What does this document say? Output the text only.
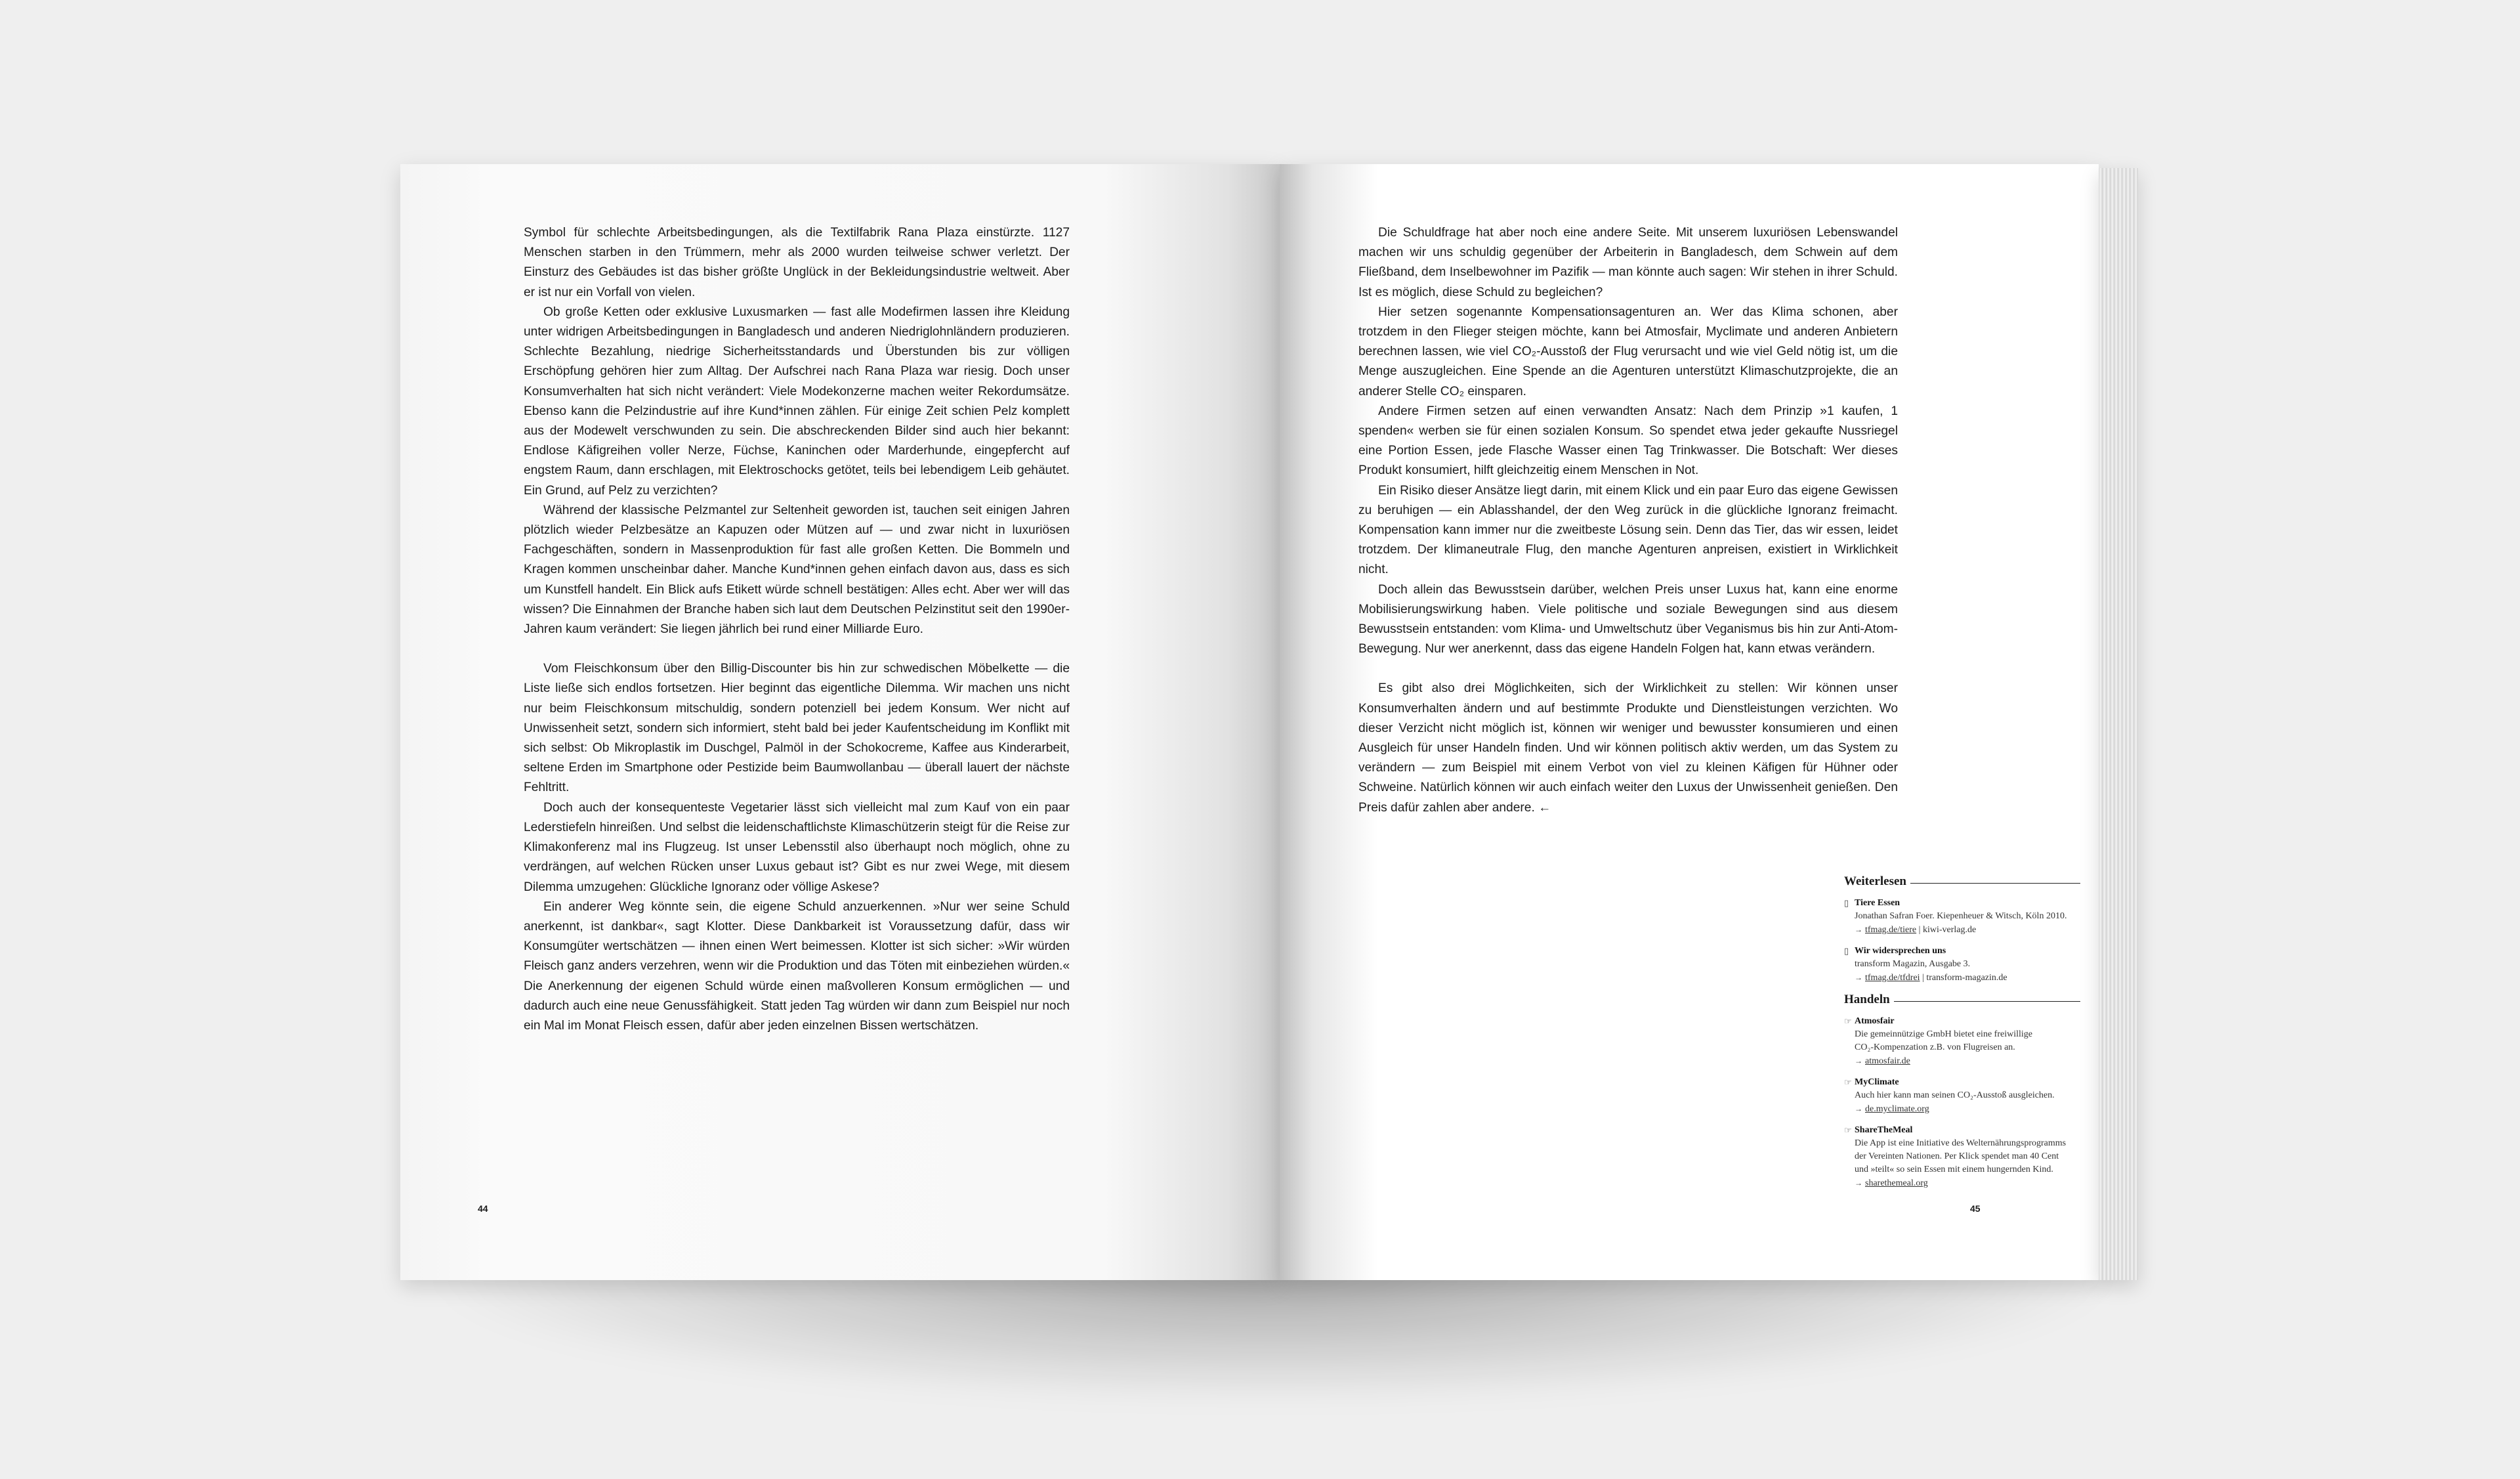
Symbol für schlechte Arbeitsbedingungen, als die Textilfabrik Rana Plaza einstürzte. 1127 Menschen starben in den Trümmern, mehr als 2000 wurden teilweise schwer verletzt. Der Einsturz des Gebäudes ist das bisher größte Unglück in der Bekleidungsindustrie weltweit. Aber er ist nur ein Vorfall von vielen.

Ob große Ketten oder exklusive Luxusmarken — fast alle Modefirmen lassen ihre Kleidung unter widrigen Arbeitsbedingungen in Bangladesch und anderen Niedriglohnländern produzieren. Schlechte Bezahlung, niedrige Sicherheitsstandards und Überstunden bis zur völligen Erschöpfung gehören hier zum Alltag. Der Aufschrei nach Rana Plaza war riesig. Doch unser Konsumverhalten hat sich nicht verändert: Viele Modekonzerne machen weiter Rekordumsätze. Ebenso kann die Pelzindustrie auf ihre Kund*innen zählen. Für einige Zeit schien Pelz komplett aus der Modewelt verschwunden zu sein. Die abschreckenden Bilder sind auch hier bekannt: Endlose Käfigreihen voller Nerze, Füchse, Kaninchen oder Marderhunde, eingepfercht auf engstem Raum, dann erschlagen, mit Elektroschocks getötet, teils bei lebendigem Leib gehäutet. Ein Grund, auf Pelz zu verzichten?

Während der klassische Pelzmantel zur Seltenheit geworden ist, tauchen seit einigen Jahren plötzlich wieder Pelzbesätze an Kapuzen oder Mützen auf — und zwar nicht in luxuriösen Fachgeschäften, sondern in Massenproduktion für fast alle großen Ketten. Die Bommeln und Kragen kommen unscheinbar daher. Manche Kund*innen gehen einfach davon aus, dass es sich um Kunstfell handelt. Ein Blick aufs Etikett würde schnell bestätigen: Alles echt. Aber wer will das wissen? Die Einnahmen der Branche haben sich laut dem Deutschen Pelzinstitut seit den 1990er-Jahren kaum verändert: Sie liegen jährlich bei rund einer Milliarde Euro.

Vom Fleischkonsum über den Billig-Discounter bis hin zur schwedischen Möbelkette — die Liste ließe sich endlos fortsetzen. Hier beginnt das eigentliche Dilemma. Wir machen uns nicht nur beim Fleischkonsum mitschuldig, sondern potenziell bei jedem Konsum. Wer nicht auf Unwissenheit setzt, sondern sich informiert, steht bald bei jeder Kaufentscheidung im Konflikt mit sich selbst: Ob Mikroplastik im Duschgel, Palmöl in der Schokocreme, Kaffee aus Kinderarbeit, seltene Erden im Smartphone oder Pestizide beim Baumwollanbau — überall lauert der nächste Fehltritt.

Doch auch der konsequenteste Vegetarier lässt sich vielleicht mal zum Kauf von ein paar Lederstiefeln hinreißen. Und selbst die leidenschaftlichste Klimaschützerin steigt für die Reise zur Klimakonferenz mal ins Flugzeug. Ist unser Lebensstil also überhaupt noch möglich, ohne zu verdrängen, auf welchen Rücken unser Luxus gebaut ist? Gibt es nur zwei Wege, mit diesem Dilemma umzugehen: Glückliche Ignoranz oder völlige Askese?

Ein anderer Weg könnte sein, die eigene Schuld anzuerkennen. »Nur wer seine Schuld anerkennt, ist dankbar«, sagt Klotter. Diese Dankbarkeit ist Voraussetzung dafür, dass wir Konsumgüter wertschätzen — ihnen einen Wert beimessen. Klotter ist sich sicher: »Wir würden Fleisch ganz anders verzehren, wenn wir die Produktion und das Töten mit einbeziehen würden.« Die Anerkennung der eigenen Schuld würde einen maßvolleren Konsum ermöglichen — und dadurch auch eine neue Genussfähigkeit. Statt jeden Tag würden wir dann zum Beispiel nur noch ein Mal im Monat Fleisch essen, dafür aber jeden einzelnen Bissen wertschätzen.

44

Die Schuldfrage hat aber noch eine andere Seite. Mit unserem luxuriösen Lebenswandel machen wir uns schuldig gegenüber der Arbeiterin in Bangladesch, dem Schwein auf dem Fließband, dem Inselbewohner im Pazifik — man könnte auch sagen: Wir stehen in ihrer Schuld. Ist es möglich, diese Schuld zu begleichen?

Hier setzen sogenannte Kompensationsagenturen an. Wer das Klima schonen, aber trotzdem in den Flieger steigen möchte, kann bei Atmosfair, Myclimate und anderen Anbietern berechnen lassen, wie viel CO₂-Ausstoß der Flug verursacht und wie viel Geld nötig ist, um die Menge auszugleichen. Eine Spende an die Agenturen unterstützt Klimaschutzprojekte, die an anderer Stelle CO₂ einsparen.

Andere Firmen setzen auf einen verwandten Ansatz: Nach dem Prinzip »1 kaufen, 1 spenden« werben sie für einen sozialen Konsum. So spendet etwa jeder gekaufte Nussriegel eine Portion Essen, jede Flasche Wasser einen Tag Trinkwasser. Die Botschaft: Wer dieses Produkt konsumiert, hilft gleichzeitig einem Menschen in Not.

Ein Risiko dieser Ansätze liegt darin, mit einem Klick und ein paar Euro das eigene Gewissen zu beruhigen — ein Ablasshandel, der den Weg zurück in die glückliche Ignoranz freimacht. Kompensation kann immer nur die zweitbeste Lösung sein. Denn das Tier, das wir essen, leidet trotzdem. Der klimaneutrale Flug, den manche Agenturen anpreisen, existiert in Wirklichkeit nicht.

Doch allein das Bewusstsein darüber, welchen Preis unser Luxus hat, kann eine enorme Mobilisierungswirkung haben. Viele politische und soziale Bewegungen sind aus diesem Bewusstsein entstanden: vom Klima- und Umweltschutz über Veganismus bis hin zur Anti-Atom-Bewegung. Nur wer anerkennt, dass das eigene Handeln Folgen hat, kann etwas verändern.

Es gibt also drei Möglichkeiten, sich der Wirklichkeit zu stellen: Wir können unser Konsumverhalten ändern und auf bestimmte Produkte und Dienstleistungen verzichten. Wo dieser Verzicht nicht möglich ist, können wir weniger und bewusster konsumieren und einen Ausgleich für unser Handeln finden. Und wir können politisch aktiv werden, um das System zu verändern — zum Beispiel mit einem Verbot von viel zu kleinen Käfigen für Hühner oder Schweine. Natürlich können wir auch einfach weiter den Luxus der Unwissenheit genießen. Den Preis dafür zahlen aber andere. ←

Weiterlesen
▯ Tiere Essen
Jonathan Safran Foer. Kiepenheuer & Witsch, Köln 2010.
→ tfmag.de/tiere | kiwi-verlag.de
▯ Wir widersprechen uns
transform Magazin, Ausgabe 3.
→ tfmag.de/tfdrei | transform-magazin.de
Handeln
☞ Atmosfair
Die gemeinnützige GmbH bietet eine freiwillige
CO₂-Kompenzation z.B. von Flugreisen an.
→ atmosfair.de
☞ MyClimate
Auch hier kann man seinen CO₂-Ausstoß ausgleichen.
→ de.myclimate.org
☞ ShareTheMeal
Die App ist eine Initiative des Welternährungsprogramms
der Vereinten Nationen. Per Klick spendet man 40 Cent
und »teilt« so sein Essen mit einem hungernden Kind.
→ sharethemeal.org
45
